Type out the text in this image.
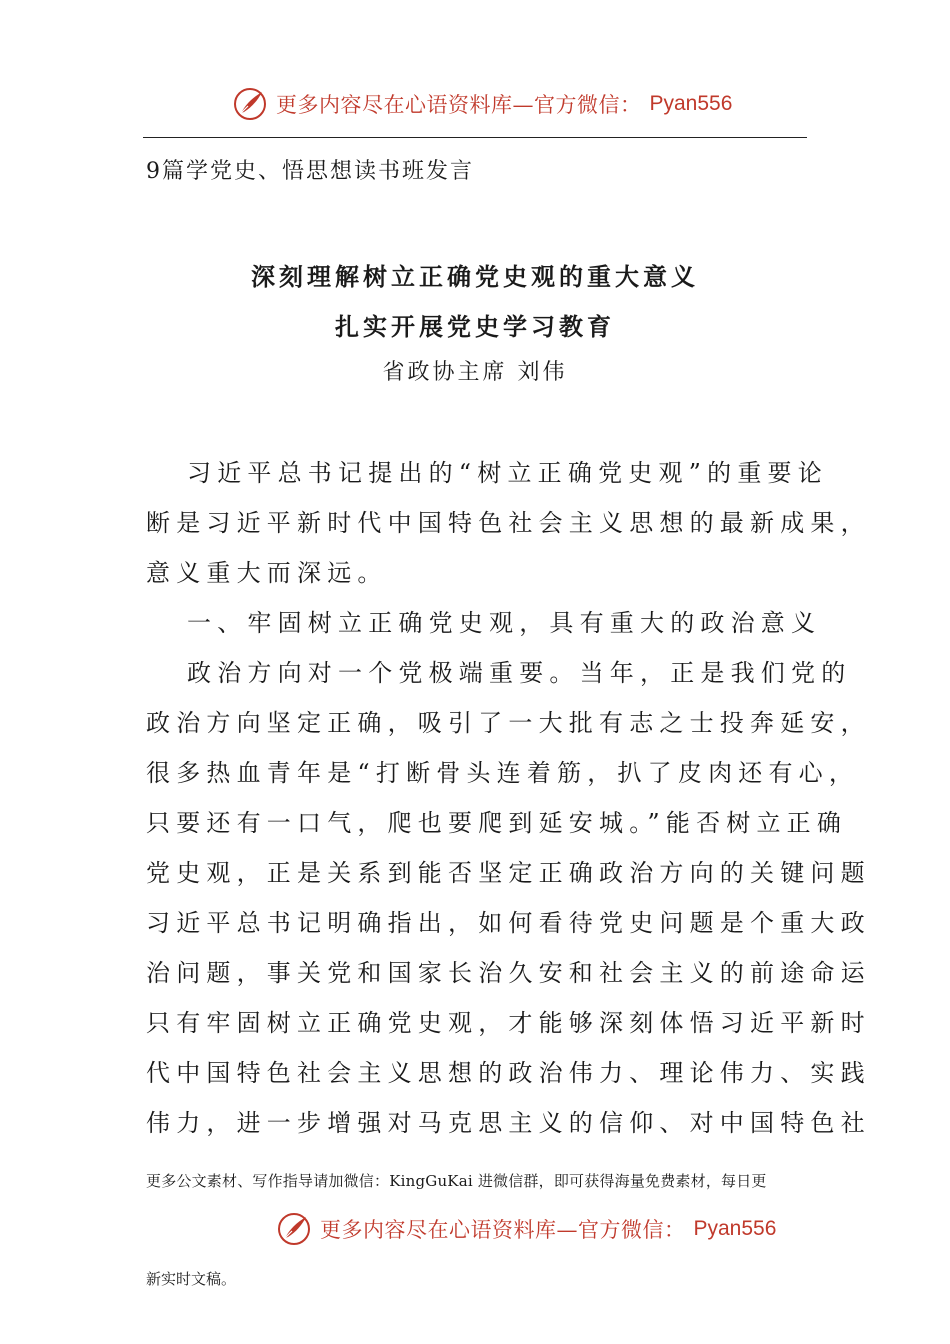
更多内容尽在心语资料库—官方微信： Pyan556
9篇学党史、悟思想读书班发言
深刻理解树立正确党史观的重大意义
扎实开展党史学习教育
省政协主席 刘伟
习近平总书记提出的“树立正确党史观”的重要论
断是习近平新时代中国特色社会主义思想的最新成果，
意义重大而深远。
一、牢固树立正确党史观，具有重大的政治意义
政治方向对一个党极端重要。当年，正是我们党的
政治方向坚定正确，吸引了一大批有志之士投奔延安，
很多热血青年是“打断骨头连着筋，扒了皮肉还有心，
只要还有一口气，爬也要爬到延安城。”能否树立正确
党史观，正是关系到能否坚定正确政治方向的关键问题
习近平总书记明确指出，如何看待党史问题是个重大政
治问题，事关党和国家长治久安和社会主义的前途命运
只有牢固树立正确党史观，才能够深刻体悟习近平新时
代中国特色社会主义思想的政治伟力、理论伟力、实践
伟力，进一步增强对马克思主义的信仰、对中国特色社
更多公文素材、写作指导请加微信：KingGuKai 进微信群，即可获得海量免费素材，每日更
更多内容尽在心语资料库—官方微信： Pyan556
新实时文稿。
